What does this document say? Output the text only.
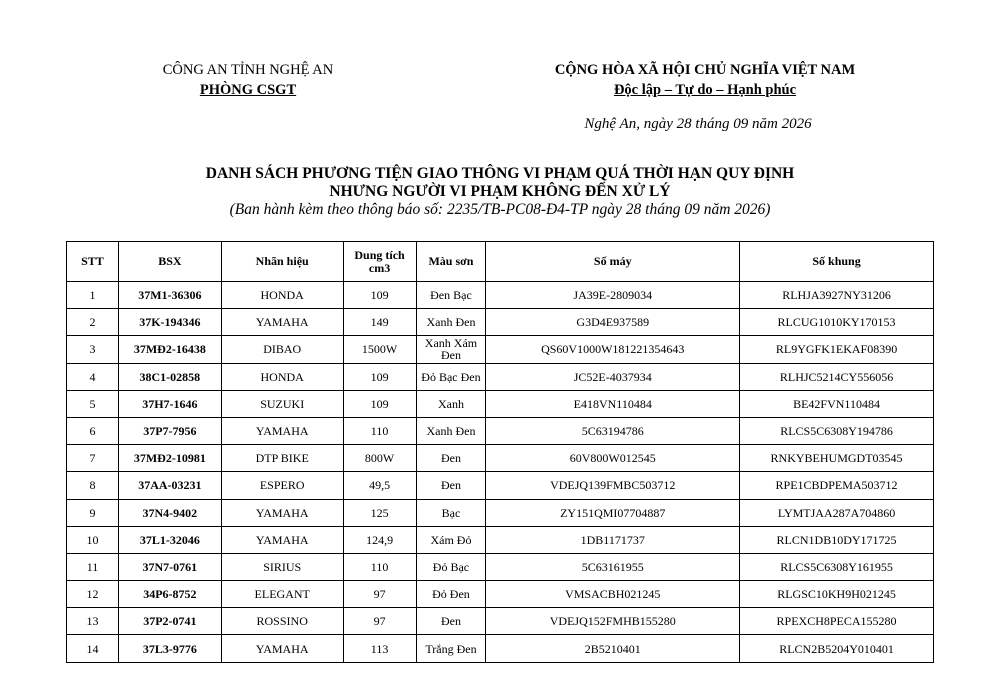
CÔNG AN TỈNH NGHỆ AN
PHÒNG CSGT
CỘNG HÒA XÃ HỘI CHỦ NGHĨA VIỆT NAM
Độc lập – Tự do – Hạnh phúc
Nghệ An, ngày 28 tháng 09 năm 2026
DANH SÁCH PHƯƠNG TIỆN GIAO THÔNG VI PHẠM QUÁ THỜI HẠN QUY ĐỊNH
NHƯNG NGƯỜI VI PHẠM KHÔNG ĐẾN XỬ LÝ
(Ban hành kèm theo thông báo số: 2235/TB-PC08-Đ4-TP ngày 28 tháng 09 năm 2026)
STT	BSX	Nhãn hiệu	Dung tích cm3	Màu sơn	Số máy	Số khung
1	37M1-36306	HONDA	109	Đen Bạc	JA39E-2809034	RLHJA3927NY31206
2	37K-194346	YAMAHA	149	Xanh Đen	G3D4E937589	RLCUG1010KY170153
3	37MĐ2-16438	DIBAO	1500W	Xanh Xám Đen	QS60V1000W181221354643	RL9YGFK1EKAF08390
4	38C1-02858	HONDA	109	Đỏ Bạc Đen	JC52E-4037934	RLHJC5214CY556056
5	37H7-1646	SUZUKI	109	Xanh	E418VN110484	BE42FVN110484
6	37P7-7956	YAMAHA	110	Xanh Đen	5C63194786	RLCS5C6308Y194786
7	37MĐ2-10981	DTP BIKE	800W	Đen	60V800W012545	RNKYBEHUMGDT03545
8	37AA-03231	ESPERO	49,5	Đen	VDEJQ139FMBC503712	RPE1CBDPEMA503712
9	37N4-9402	YAMAHA	125	Bạc	ZY151QMI07704887	LYMTJAA287A704860
10	37L1-32046	YAMAHA	124,9	Xám Đỏ	1DB1171737	RLCN1DB10DY171725
11	37N7-0761	SIRIUS	110	Đỏ Bạc	5C63161955	RLCS5C6308Y161955
12	34P6-8752	ELEGANT	97	Đỏ Đen	VMSACBH021245	RLGSC10KH9H021245
13	37P2-0741	ROSSINO	97	Đen	VDEJQ152FMHB155280	RPEXCH8PECA155280
14	37L3-9776	YAMAHA	113	Trắng Đen	2B5210401	RLCN2B5204Y010401
